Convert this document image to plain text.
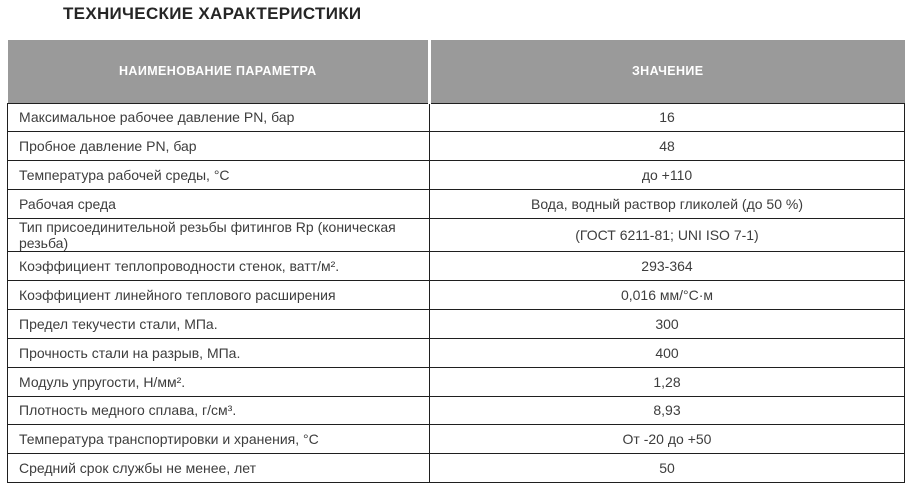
ТЕХНИЧЕСКИЕ ХАРАКТЕРИСТИКИ
НАИМЕНОВАНИЕ ПАРАМЕТРА	ЗНАЧЕНИЕ
Максимальное рабочее давление PN, бар	16
Пробное давление PN, бар	48
Температура рабочей среды, °С	до +110
Рабочая среда	Вода, водный раствор гликолей (до 50 %)
Тип присоединительной резьбы фитингов Rp (коническая резьба)	(ГОСТ 6211-81; UNI ISO 7-1)
Коэффициент теплопроводности стенок, ватт/м².	293-364
Коэффициент линейного теплового расширения	0,016 мм/°С·м
Предел текучести стали, МПа.	300
Прочность стали на разрыв, МПа.	400
Модуль упругости, Н/мм².	1,28
Плотность медного сплава, г/см³.	8,93
Температура транспортировки и хранения, °С	От -20 до +50
Средний срок службы не менее, лет	50
